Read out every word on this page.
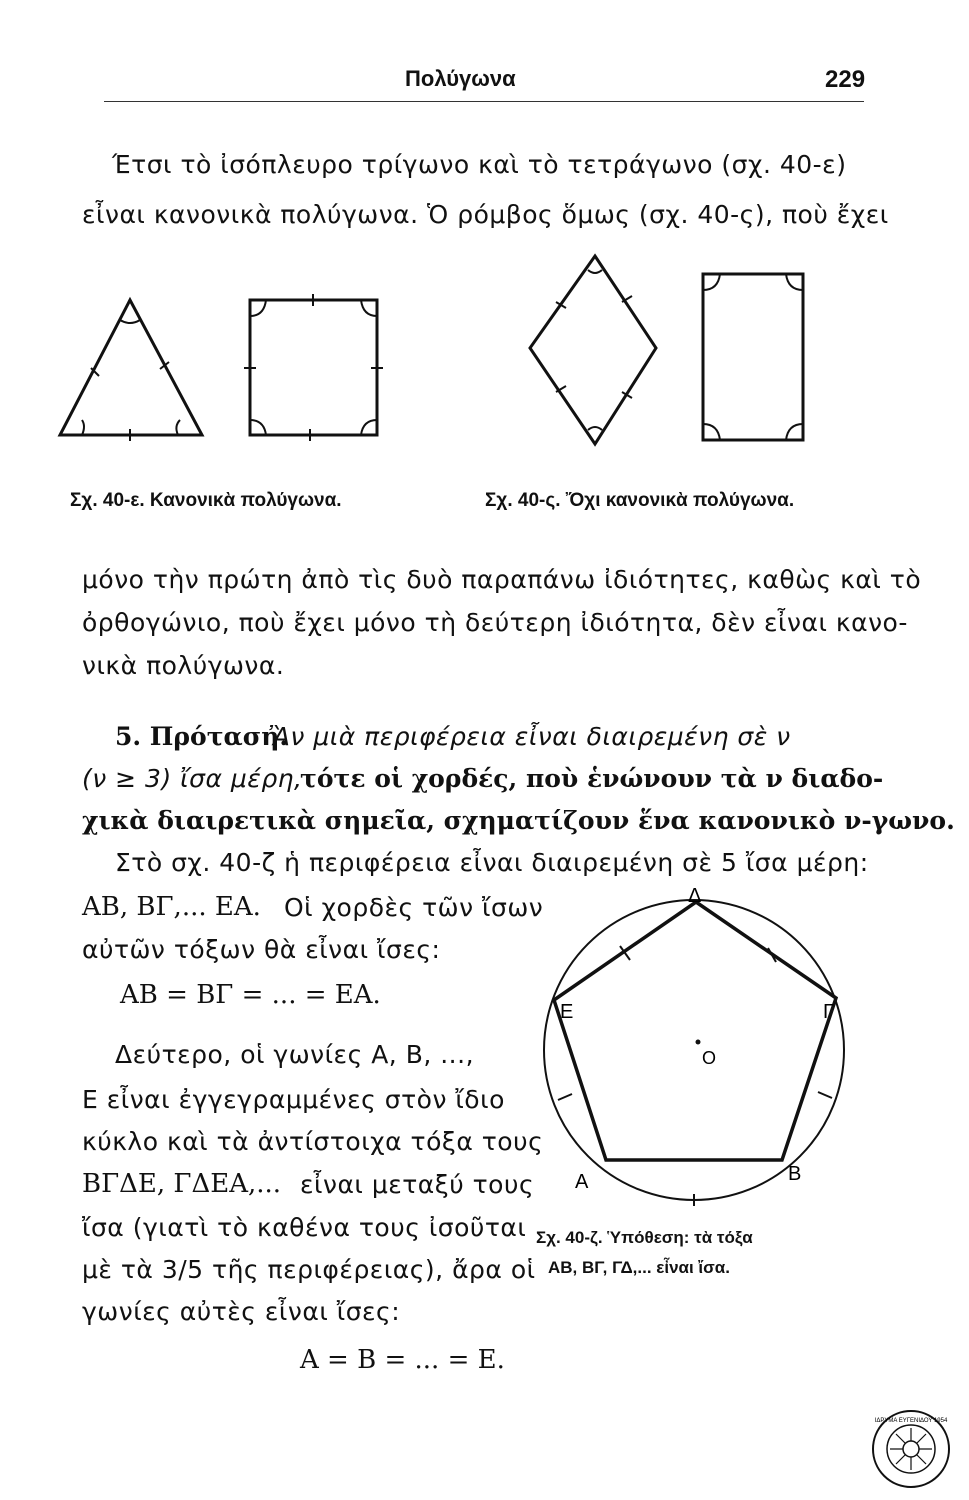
Πολύγωνα	229
Έτσι τὸ ἰσόπλευρο τρίγωνο καὶ τὸ τετράγωνο (σχ. 40-ε)
εἶναι κανονικὰ πολύγωνα. Ὁ ρόμβος ὅμως (σχ. 40-ς), ποὺ ἔχει
Σχ. 40-ε. Κανονικὰ πολύγωνα.	Σχ. 40-ς. Ὄχι κανονικὰ πολύγωνα.
μόνο τὴν πρώτη ἀπὸ τὶς δυὸ παραπάνω ἰδιότητες, καθὼς καὶ τὸ
ὀρθογώνιο, ποὺ ἔχει μόνο τὴ δεύτερη ἰδιότητα, δὲν εἶναι κανο-
νικὰ πολύγωνα.
5. Πρόταση.
Ἂν μιὰ περιφέρεια εἶναι διαιρεμένη σὲ ν
(ν ≥ 3) ἴσα μέρη,
τότε οἱ χορδές, ποὺ ἑνώνουν τὰ ν διαδο-
χικὰ διαιρετικὰ σημεῖα, σχηματίζουν ἕνα κανονικὸ ν-γωνο.
Στὸ σχ. 40-ζ ἡ περιφέρεια εἶναι διαιρεμένη σὲ 5 ἴσα μέρη:
ΑΒ, ΒΓ,... ΕΑ. Οἱ χορδὲς τῶν ἴσων
αὐτῶν τόξων θὰ εἶναι ἴσες:
ΑΒ = ΒΓ = ... = ΕΑ.
Δεύτερο, οἱ γωνίες Α, Β, ...,
Ε εἶναι ἐγγεγραμμένες στὸν ἴδιο
κύκλο καὶ τὰ ἀντίστοιχα τόξα τους
ΒΓΔΕ, ΓΔΕΑ,... εἶναι μεταξύ τους
ἴσα (γιατὶ τὸ καθένα τους ἰσοῦται
μὲ τὰ 3/5 τῆς περιφέρειας), ἄρα οἱ
γωνίες αὐτὲς εἶναι ἴσες:
Α = Β = ... = Ε.
Δ
Γ
Ε
Α	Β
Ο
Σχ. 40-ζ. Ὑπόθεση: τὰ τόξα
ΑΒ, ΒΓ, ΓΔ,... εἶναι ἴσα.
ΙΔΡΥΜΑ ΕΥΓΕΝΙΔΟΥ 1954
